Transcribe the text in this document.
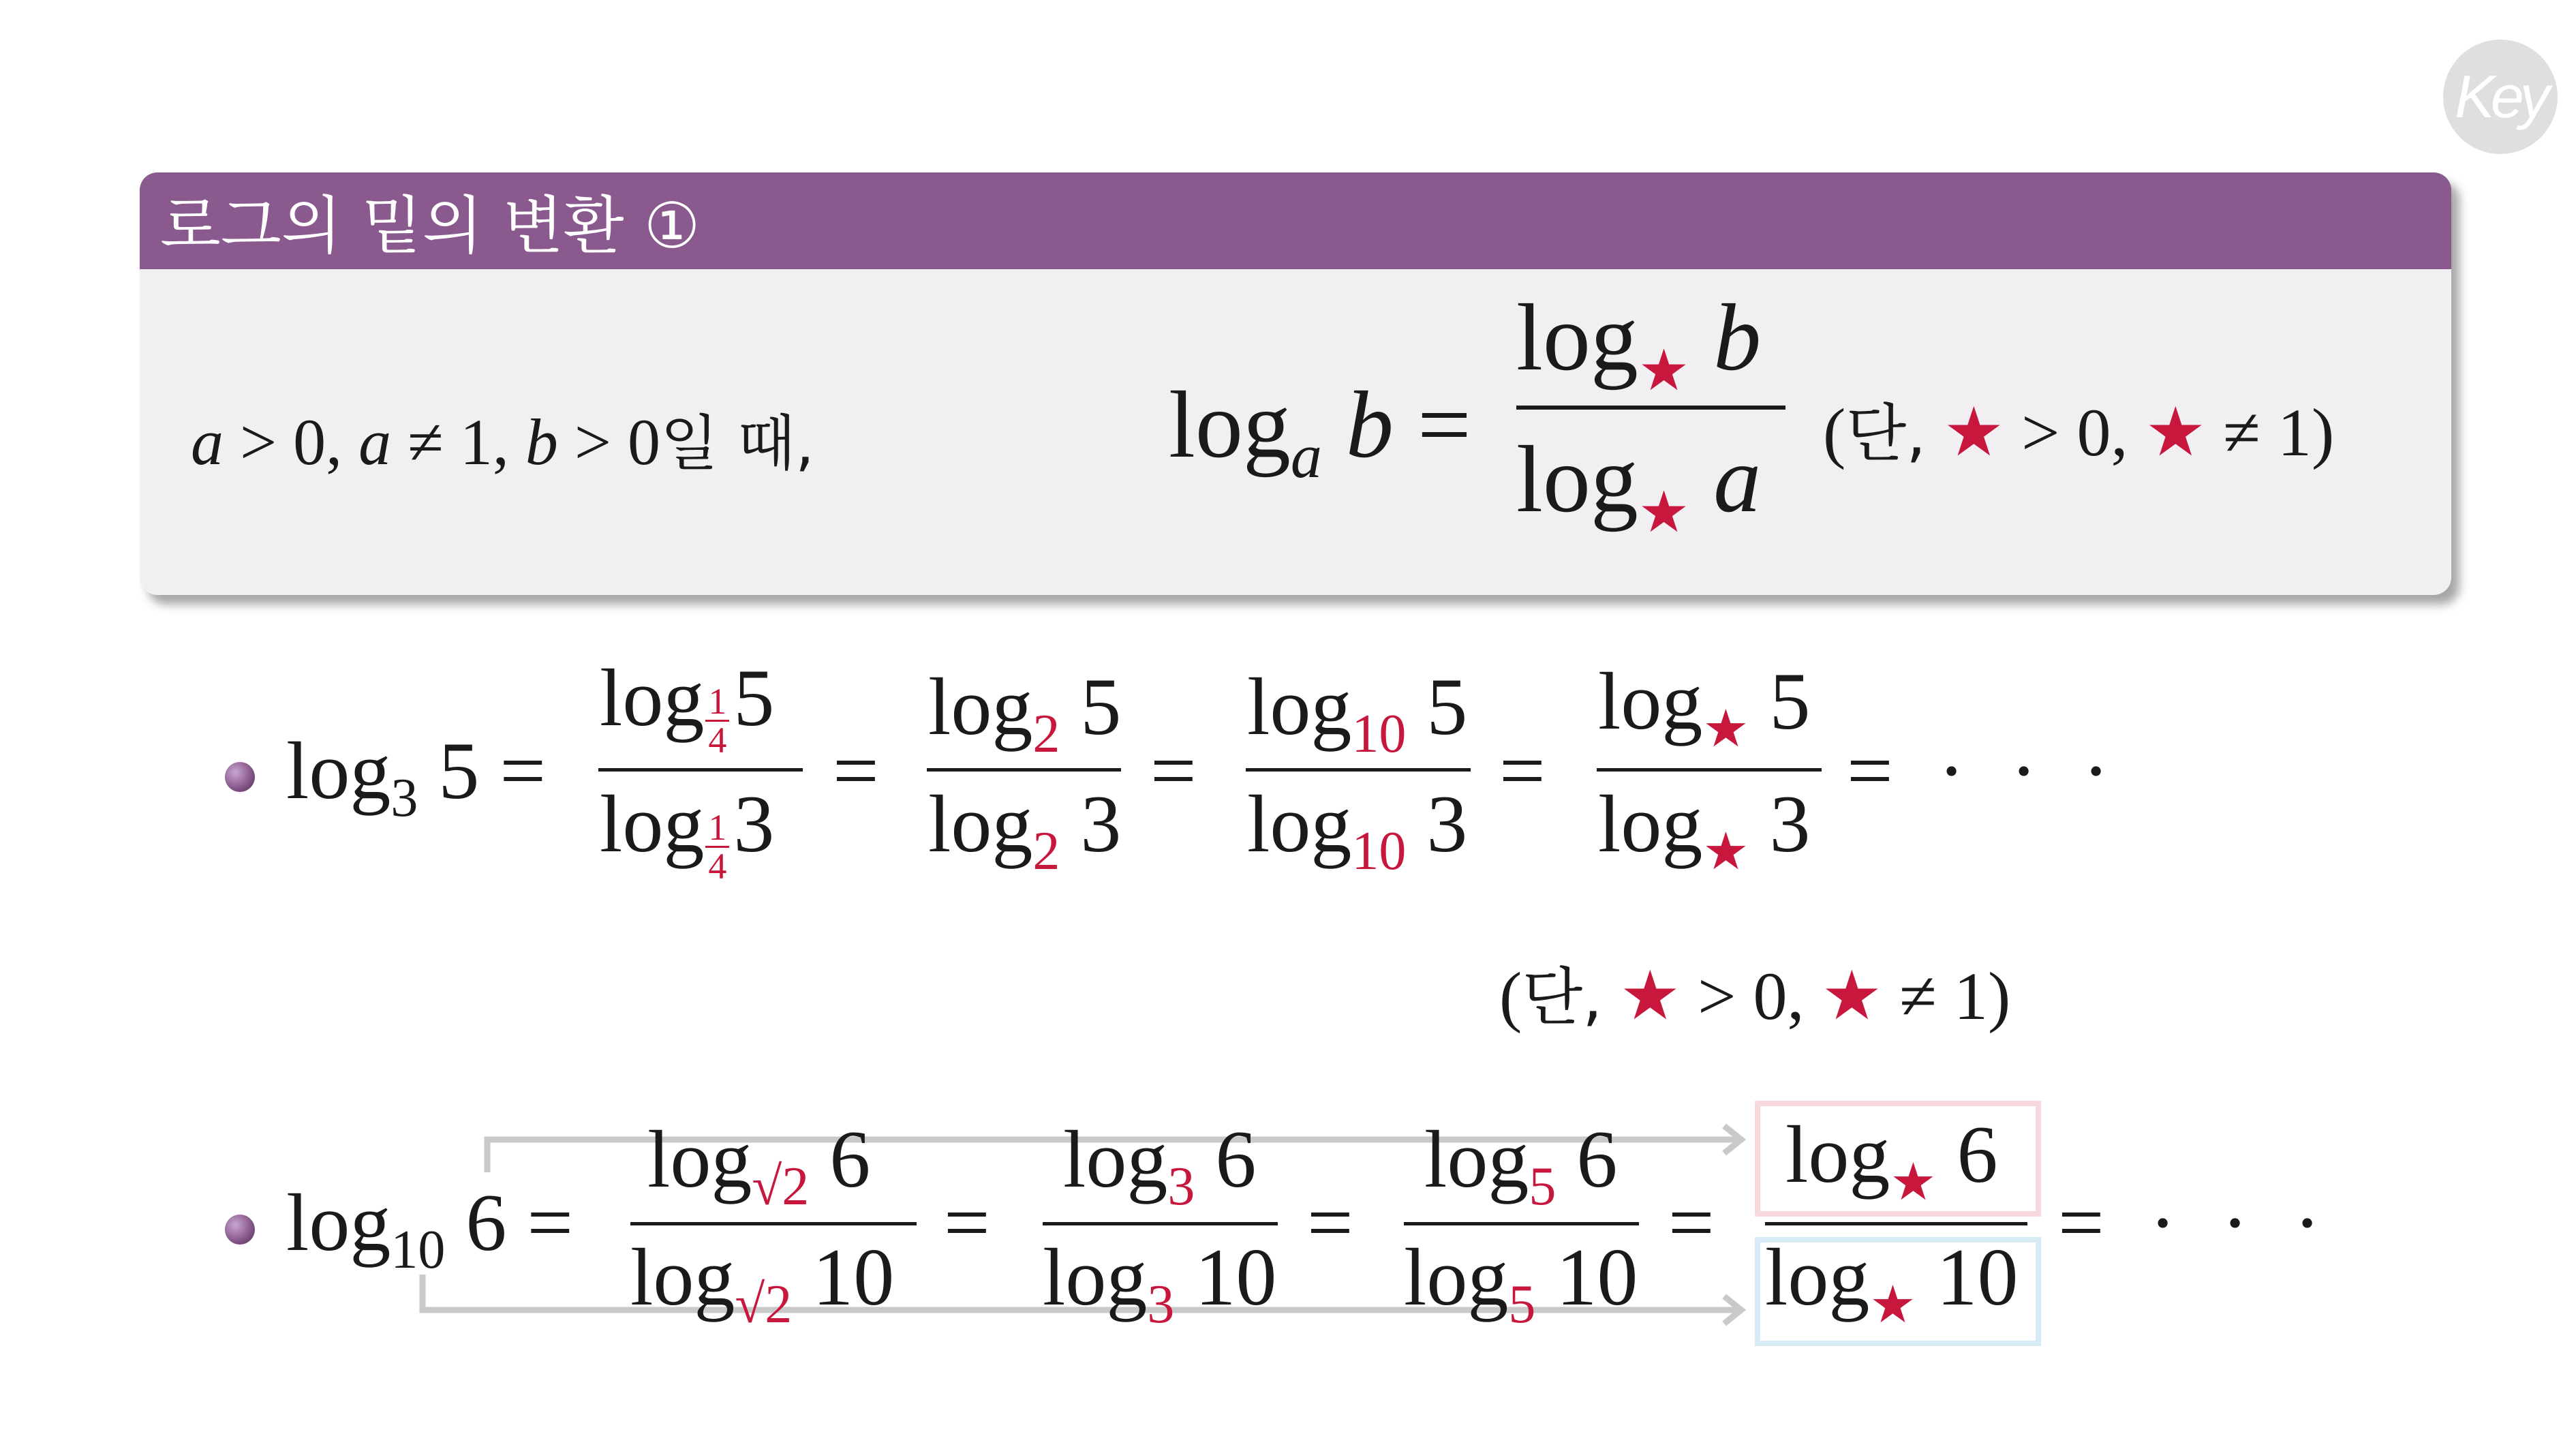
Key
로그의 밑의 변환 ①
a > 0, a ≠ 1, b > 0일 때,	$\log_a b$ =
$\log_★ b$
$\log_★ a$ (단, ★ > 0, ★ ≠ 1)
$\log_3 5$ =
$\log \frac{1}{4} 5$
$\log \frac{1}{4} 3$
=
$\log_2 5$
$\log_2 3$
=
$\log_{10} 5$
$\log_{10} 3$
=
$\log_★ 5$
$\log_★ 3$
= · · ·
(단, ★ > 0, ★ ≠ 1)
$\log_{10} 6$ =
$\log_{√2} 6$
$\log_{√2} 10$
=
$\log_3 6$
$\log_3 10$
=
$\log_5 6$
$\log_5 10$
=
$\log_★ 6$
$\log_★ 10$
= · · ·
